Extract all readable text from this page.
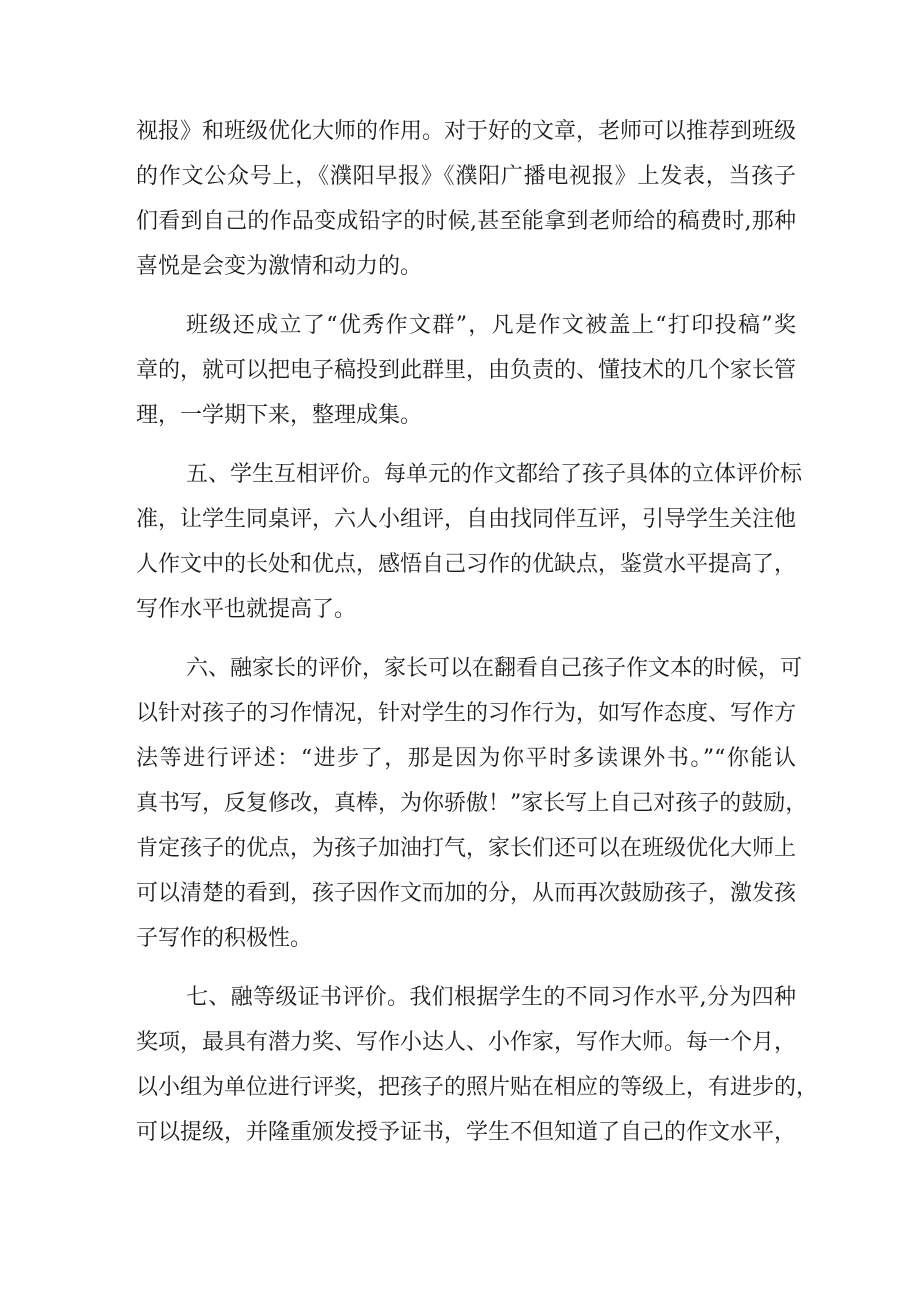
视报》和班级优化大师的作用。对于好的文章，老师可以推荐到班级
的作文公众号上，《濮阳早报》《濮阳广播电视报》上发表，当孩子
们看到自己的作品变成铅字的时候,甚至能拿到老师给的稿费时,那种
喜悦是会变为激情和动力的。
班级还成立了“优秀作文群”，凡是作文被盖上“打印投稿”奖
章的，就可以把电子稿投到此群里，由负责的、懂技术的几个家长管
理，一学期下来，整理成集。
五、学生互相评价。每单元的作文都给了孩子具体的立体评价标
准，让学生同桌评，六人小组评，自由找同伴互评，引导学生关注他
人作文中的长处和优点，感悟自己习作的优缺点，鉴赏水平提高了，
写作水平也就提高了。
六、融家长的评价，家长可以在翻看自己孩子作文本的时候，可
以针对孩子的习作情况，针对学生的习作行为，如写作态度、写作方
法等进行评述：“进步了，那是因为你平时多读课外书。”“你能认
真书写，反复修改，真棒，为你骄傲！”家长写上自己对孩子的鼓励，
肯定孩子的优点，为孩子加油打气，家长们还可以在班级优化大师上
可以清楚的看到，孩子因作文而加的分，从而再次鼓励孩子，激发孩
子写作的积极性。
七、融等级证书评价。我们根据学生的不同习作水平,分为四种
奖项，最具有潜力奖、写作小达人、小作家，写作大师。每一个月，
以小组为单位进行评奖，把孩子的照片贴在相应的等级上，有进步的，
可以提级，并隆重颁发授予证书，学生不但知道了自己的作文水平，
